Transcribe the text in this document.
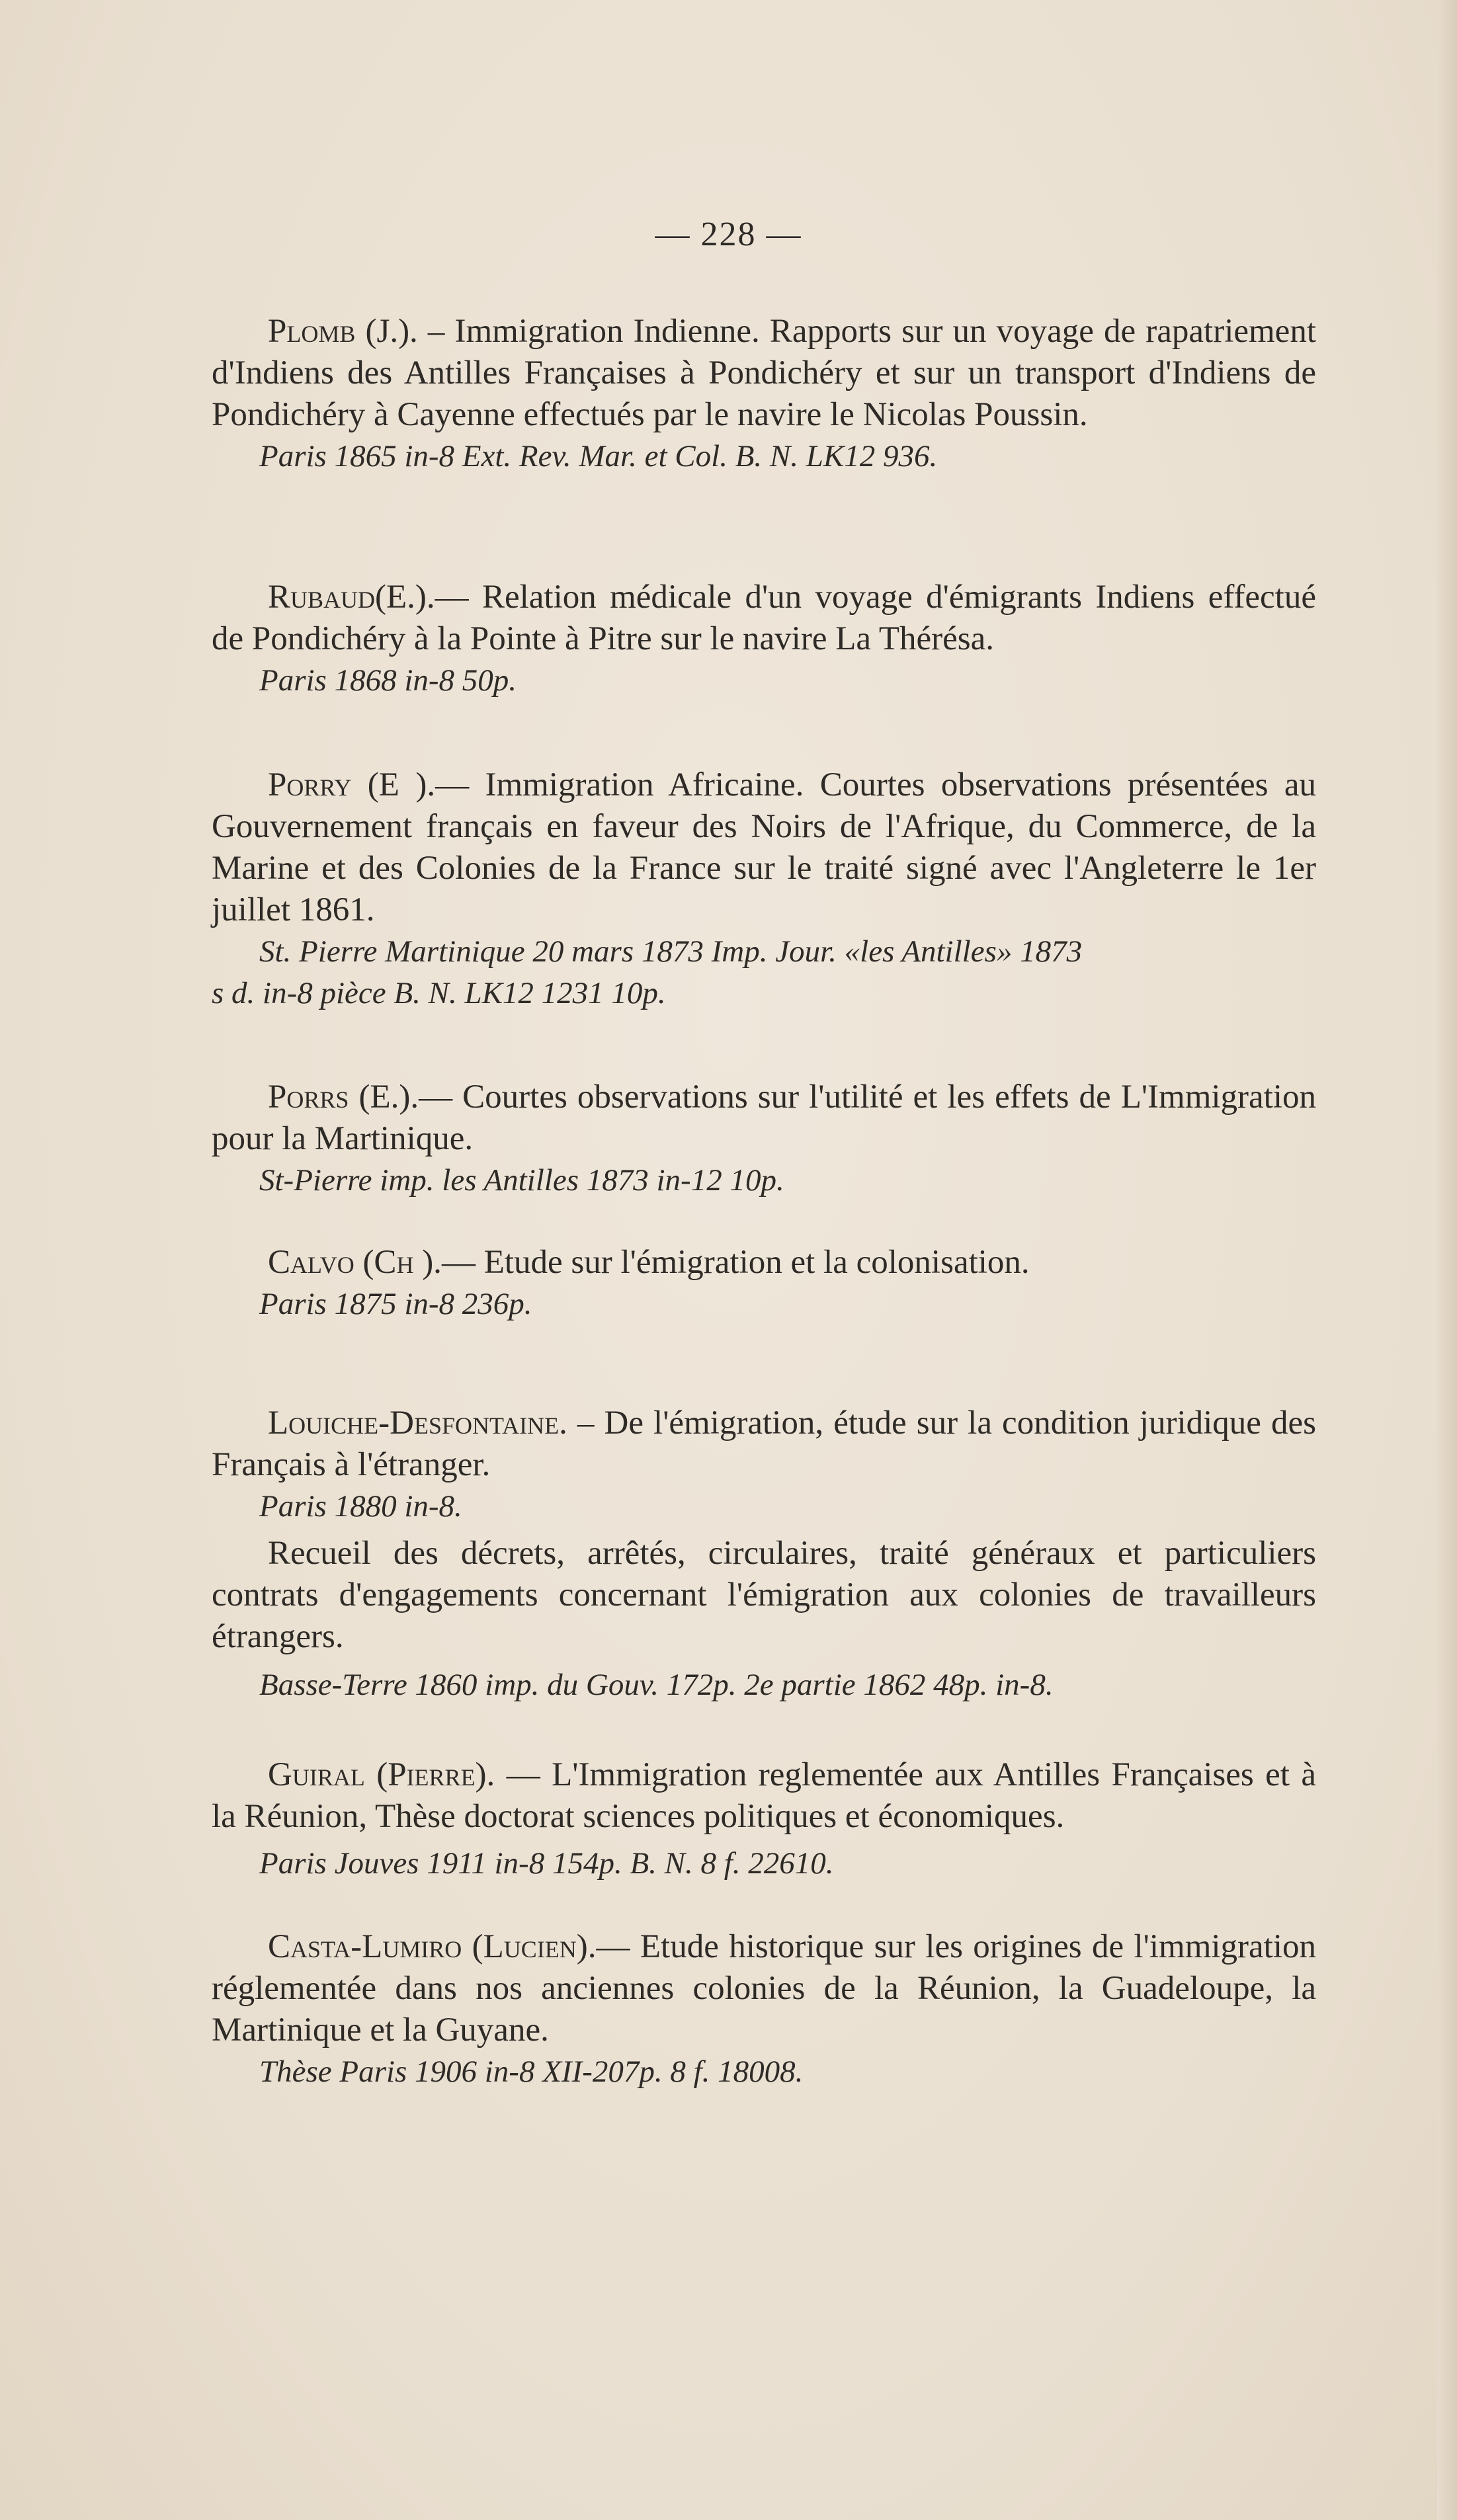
— 228 —

Plomb (J.). – Immigration Indienne. Rapports sur un voyage de rapatriement d'Indiens des Antilles Françaises à Pondichéry et sur un transport d'Indiens de Pondichéry à Cayenne effectués par le navire le Nicolas Poussin.

Paris 1865 in-8 Ext. Rev. Mar. et Col. B. N. LK12 936.

Rubaud(E.).— Relation médicale d'un voyage d'émigrants Indiens effectué de Pondichéry à la Pointe à Pitre sur le navire La Thérésa.

Paris 1868 in-8 50p.

Porry (E ).— Immigration Africaine. Courtes observations présentées au Gouvernement français en faveur des Noirs de l'Afrique, du Commerce, de la Marine et des Colonies de la France sur le traité signé avec l'Angleterre le 1er juillet 1861.

St. Pierre Martinique 20 mars 1873 Imp. Jour. «les Antilles» 1873
s d. in-8 pièce B. N. LK12 1231 10p.

Porrs (E.).— Courtes observations sur l'utilité et les effets de L'Immigration pour la Martinique.

St-Pierre imp. les Antilles 1873 in-12 10p.

Calvo (Ch ).— Etude sur l'émigration et la colonisation.

Paris 1875 in-8 236p.

Louiche-Desfontaine. – De l'émigration, étude sur la condition juridique des Français à l'étranger.

Paris 1880 in-8.

Recueil des décrets, arrêtés, circulaires, traité généraux et particuliers contrats d'engagements concernant l'émigration aux colonies de travailleurs étrangers.

Basse-Terre 1860 imp. du Gouv. 172p. 2e partie 1862 48p. in-8.

Guiral (Pierre). — L'Immigration reglementée aux Antilles Françaises et à la Réunion, Thèse doctorat sciences politiques et économiques.

Paris Jouves 1911 in-8 154p. B. N. 8 f. 22610.

Casta-Lumiro (Lucien).— Etude historique sur les origines de l'immigration réglementée dans nos anciennes colonies de la Réunion, la Guadeloupe, la Martinique et la Guyane.

Thèse Paris 1906 in-8 XII-207p. 8 f. 18008.
